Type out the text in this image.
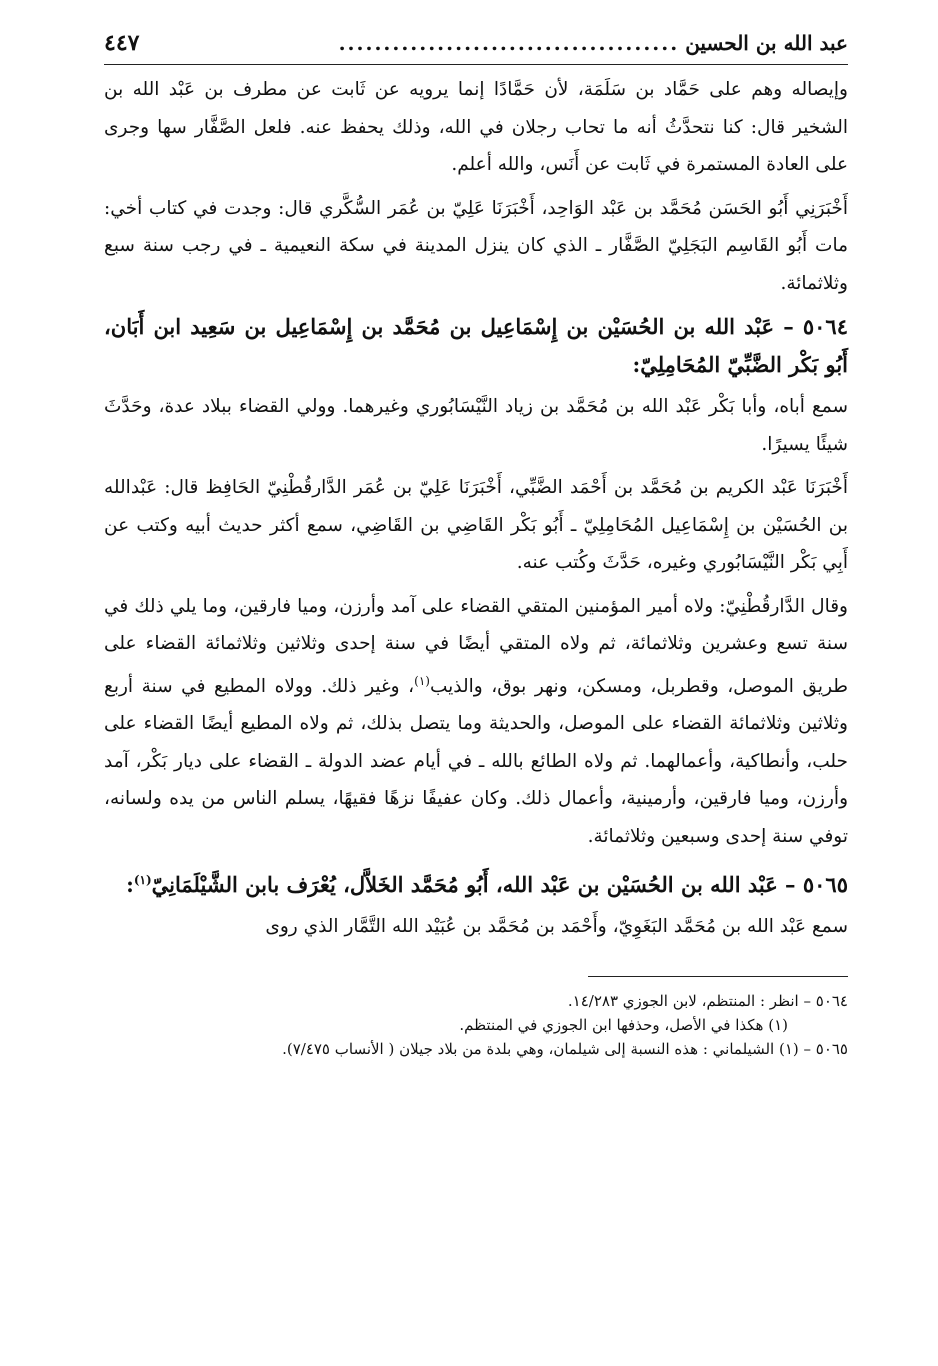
عبد الله بن الحسين
......................................
٤٤٧

وإيصاله وهم على حَمَّاد بن سَلَمَة، لأن حَمَّادًا إنما يرويه عن ثَابت عن مطرف بن عَبْد الله بن الشخير قال: كنا نتحدَّثُ أنه ما تحاب رجلان في الله، وذلك يحفظ عنه. فلعل الصَّفَّار سها وجرى على العادة المستمرة في ثَابت عن أَنَس، والله أعلم.

أَخْبَرَنِي أَبُو الحَسَن مُحَمَّد بن عَبْد الوَاحِد، أَخْبَرَنَا عَلِيّ بن عُمَر السُّكَّري قال: وجدت في كتاب أخي: مات أَبُو القَاسِم البَجَلِيّ الصَّفَّار ـ الذي كان ينزل المدينة في سكة النعيمية ـ في رجب سنة سبع وثلاثمائة.

٥٠٦٤ – عَبْد الله بن الحُسَيْن بن إِسْمَاعِيل بن مُحَمَّد بن إِسْمَاعِيل بن سَعِيد ابن أَبَان، أَبُو بَكْر الضَّبِّيّ المُحَامِلِيّ:

سمع أباه، وأبا بَكْر عَبْد الله بن مُحَمَّد بن زياد النَّيْسَابُوري وغيرهما. وولي القضاء ببلاد عدة، وحَدَّثَ شيئًا يسيرًا.

أَخْبَرَنَا عَبْد الكريم بن مُحَمَّد بن أَحْمَد الضَّبِّي، أَخْبَرَنَا عَلِيّ بن عُمَر الدَّارقُطْنِيّ الحَافِظ قال: عَبْدالله بن الحُسَيْن بن إِسْمَاعِيل المُحَامِلِيّ ـ أَبُو بَكْر القَاضِي بن القَاضِي، سمع أكثر حديث أبيه وكتب عن أَبِي بَكْر النَّيْسَابُوري وغيره، حَدَّثَ وكُتب عنه.

وقال الدَّارقُطْنِيّ: ولاه أمير المؤمنين المتقي القضاء على آمد وأرزن، وميا فارقين، وما يلي ذلك في سنة تسع وعشرين وثلاثمائة، ثم ولاه المتقي أيضًا في سنة إحدى وثلاثين وثلاثمائة القضاء على طريق الموصل، وقطربل، ومسكن، ونهر بوق، والذيب$^{(١)}$، وغير ذلك. وولاه المطيع في سنة أربع وثلاثين وثلاثمائة القضاء على الموصل، والحديثة وما يتصل بذلك، ثم ولاه المطيع أيضًا القضاء على حلب، وأنطاكية، وأعمالهما. ثم ولاه الطائع بالله ـ في أيام عضد الدولة ـ القضاء على ديار بَكْر، آمد وأرزن، وميا فارقين، وأرمينية، وأعمال ذلك. وكان عفيفًا نزهًا فقيهًا، يسلم الناس من يده ولسانه، توفي سنة إحدى وسبعين وثلاثمائة.

٥٠٦٥ – عَبْد الله بن الحُسَيْن بن عَبْد الله، أَبُو مُحَمَّد الخَلاَّل، يُعْرَف بابن الشَّيْلَمَانِيّ$^{(١)}$:

سمع عَبْد الله بن مُحَمَّد البَغَوِيّ، وأَحْمَد بن مُحَمَّد بن عُبَيْد الله التَّمَّار الذي روى

٥٠٦٤ – انظر : المنتظم، لابن الجوزي ١٤/٢٨٣.

(١) هكذا في الأصل، وحذفها ابن الجوزي في المنتظم.

٥٠٦٥ – (١) الشيلماني : هذه النسبة إلى شيلمان، وهي بلدة من بلاد جيلان ( الأنساب ٧/٤٧٥).
